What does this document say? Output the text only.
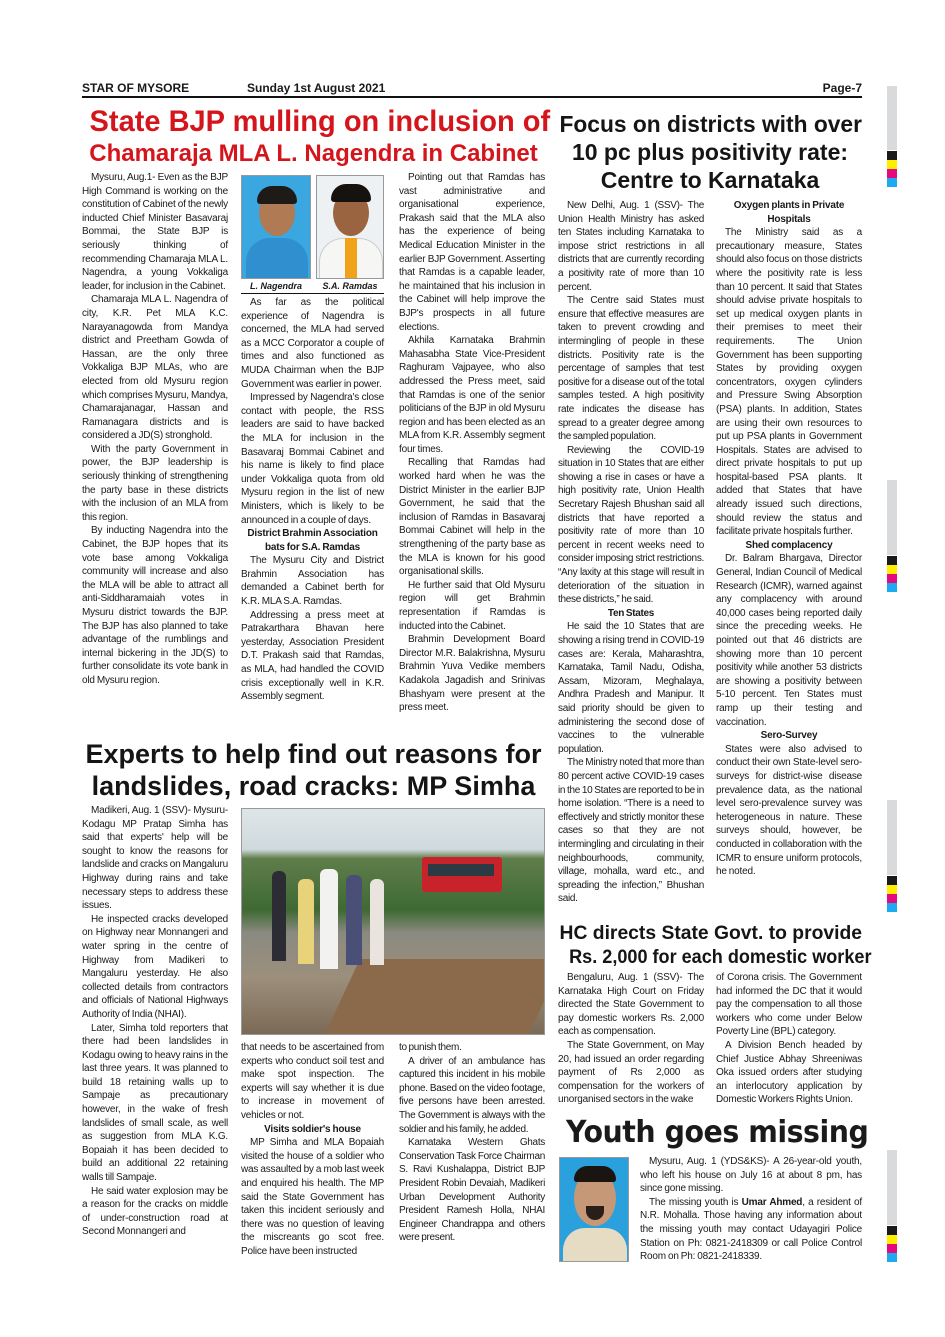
STAR OF MYSORE	Sunday 1st August 2021	Page-7
State BJP mulling on inclusion of
Chamaraja MLA L. Nagendra in Cabinet

Mysuru, Aug.1- Even as the BJP High Command is working on the constitution of Cabinet of the newly inducted Chief Minister Basavaraj Bommai, the State BJP is seriously thinking of recommending Chamaraja MLA L. Nagendra, a young Vokkaliga leader, for inclusion in the Cabinet.

Chamaraja MLA L. Nagendra of city, K.R. Pet MLA K.C. Narayanagowda from Mandya district and Preetham Gowda of Hassan, are the only three Vokkaliga BJP MLAs, who are elected from old Mysuru region which comprises Mysuru, Mandya, Chamarajanagar, Hassan and Ramanagara districts and is considered a JD(S) stronghold.

With the party Government in power, the BJP leadership is seriously thinking of strengthening the party base in these districts with the inclusion of an MLA from this region.

By inducting Nagendra into the Cabinet, the BJP hopes that its vote base among Vokkaliga community will increase and also the MLA will be able to attract all anti-Siddharamaiah votes in Mysuru district towards the BJP. The BJP has also planned to take advantage of the rumblings and internal bickering in the JD(S) to further consolidate its vote bank in old Mysuru region.

L. Nagendra	S.A. Ramdas

As far as the political experience of Nagendra is concerned, the MLA had served as a MCC Corporator a couple of times and also functioned as MUDA Chairman when the BJP Government was earlier in power.

Impressed by Nagendra's close contact with people, the RSS leaders are said to have backed the MLA for inclusion in the Basavaraj Bommai Cabinet and his name is likely to find place under Vokkaliga quota from old Mysuru region in the list of new Ministers, which is likely to be announced in a couple of days.

District Brahmin Association bats for S.A. Ramdas

The Mysuru City and District Brahmin Association has demanded a Cabinet berth for K.R. MLA S.A. Ramdas.

Addressing a press meet at Patrakarthara Bhavan here yesterday, Association President D.T. Prakash said that Ramdas, as MLA, had handled the COVID crisis exceptionally well in K.R. Assembly segment.

Pointing out that Ramdas has vast administrative and organisational experience, Prakash said that the MLA also has the experience of being Medical Education Minister in the earlier BJP Government. Asserting that Ramdas is a capable leader, he maintained that his inclusion in the Cabinet will help improve the BJP's prospects in all future elections.

Akhila Karnataka Brahmin Mahasabha State Vice-President Raghuram Vajpayee, who also addressed the Press meet, said that Ramdas is one of the senior politicians of the BJP in old Mysuru region and has been elected as an MLA from K.R. Assembly segment four times.

Recalling that Ramdas had worked hard when he was the District Minister in the earlier BJP Government, he said that the inclusion of Ramdas in Basavaraj Bommai Cabinet will help in the strengthening of the party base as the MLA is known for his good organisational skills.

He further said that Old Mysuru region will get Brahmin representation if Ramdas is inducted into the Cabinet.

Brahmin Development Board Director M.R. Balakrishna, Mysuru Brahmin Yuva Vedike members Kadakola Jagadish and Srinivas Bhashyam were present at the press meet.

Focus on districts with over
10 pc plus positivity rate:
Centre to Karnataka

New Delhi, Aug. 1 (SSV)- The Union Health Ministry has asked ten States including Karnataka to impose strict restrictions in all districts that are currently recording a positivity rate of more than 10 percent.

The Centre said States must ensure that effective measures are taken to prevent crowding and intermingling of people in these districts. Positivity rate is the percentage of samples that test positive for a disease out of the total samples tested. A high positivity rate indicates the disease has spread to a greater degree among the sampled population.

Reviewing the COVID-19 situation in 10 States that are either showing a rise in cases or have a high positivity rate, Union Health Secretary Rajesh Bhushan said all districts that have reported a positivity rate of more than 10 percent in recent weeks need to consider imposing strict restrictions. “Any laxity at this stage will result in deterioration of the situation in these districts,” he said.

Ten States

He said the 10 States that are showing a rising trend in COVID-19 cases are: Kerala, Maharashtra, Karnataka, Tamil Nadu, Odisha, Assam, Mizoram, Meghalaya, Andhra Pradesh and Manipur. It said priority should be given to administering the second dose of vaccines to the vulnerable population.

The Ministry noted that more than 80 percent active COVID-19 cases in the 10 States are reported to be in home isolation. “There is a need to effectively and strictly monitor these cases so that they are not intermingling and circulating in their neighbourhoods, community, village, mohalla, ward etc., and spreading the infection,” Bhushan said.

Oxygen plants in Private Hospitals

The Ministry said as a precautionary measure, States should also focus on those districts where the positivity rate is less than 10 percent. It said that States should advise private hospitals to set up medical oxygen plants in their premises to meet their requirements. The Union Government has been supporting States by providing oxygen concentrators, oxygen cylinders and Pressure Swing Absorption (PSA) plants. In addition, States are using their own resources to put up PSA plants in Government Hospitals. States are advised to direct private hospitals to put up hospital-based PSA plants. It added that States that have already issued such directions, should review the status and facilitate private hospitals further.

Shed complacency

Dr. Balram Bhargava, Director General, Indian Council of Medical Research (ICMR), warned against any complacency with around 40,000 cases being reported daily since the preceding weeks. He pointed out that 46 districts are showing more than 10 percent positivity while another 53 districts are showing a positivity between 5-10 percent. Ten States must ramp up their testing and vaccination.

Sero-Survey

States were also advised to conduct their own State-level sero-surveys for district-wise disease prevalence data, as the national level sero-prevalence survey was heterogeneous in nature. These surveys should, however, be conducted in collaboration with the ICMR to ensure uniform protocols, he noted.

Experts to help find out reasons for
landslides, road cracks: MP Simha

Madikeri, Aug. 1 (SSV)- Mysuru-Kodagu MP Pratap Simha has said that experts' help will be sought to know the reasons for landslide and cracks on Mangaluru Highway during rains and take necessary steps to address these issues.

He inspected cracks developed on Highway near Monnangeri and water spring in the centre of Highway from Madikeri to Mangaluru yesterday. He also collected details from contractors and officials of National Highways Authority of India (NHAI).

Later, Simha told reporters that there had been landslides in Kodagu owing to heavy rains in the last three years. It was planned to build 18 retaining walls up to Sampaje as precautionary however, in the wake of fresh landslides of small scale, as well as suggestion from MLA K.G. Bopaiah it has been decided to build an additional 22 retaining walls till Sampaje.

He said water explosion may be a reason for the cracks on middle of under-construction road at Second Monnangeri and

that needs to be ascertained from experts who conduct soil test and make spot inspection. The experts will say whether it is due to increase in movement of vehicles or not.

Visits soldier's house

MP Simha and MLA Bopaiah visited the house of a soldier who was assaulted by a mob last week and enquired his health. The MP said the State Government has taken this incident seriously and there was no question of leaving the miscreants go scot free. Police have been instructed

to punish them.

A driver of an ambulance has captured this incident in his mobile phone. Based on the video footage, five persons have been arrested. The Government is always with the soldier and his family, he added.

Karnataka Western Ghats Conservation Task Force Chairman S. Ravi Kushalappa, District BJP President Robin Devaiah, Madikeri Urban Development Authority President Ramesh Holla, NHAI Engineer Chandrappa and others were present.

HC directs State Govt. to provide
Rs. 2,000 for each domestic worker

Bengaluru, Aug. 1 (SSV)- The Karnataka High Court on Friday directed the State Government to pay domestic workers Rs. 2,000 each as compensation.

The State Government, on May 20, had issued an order regarding payment of Rs 2,000 as compensation for the workers of unorganised sectors in the wake

of Corona crisis. The Government had informed the DC that it would pay the compensation to all those workers who come under Below Poverty Line (BPL) category.

A Division Bench headed by Chief Justice Abhay Shreeniwas Oka issued orders after studying an interlocutory application by Domestic Workers Rights Union.

Youth goes missing

Mysuru, Aug. 1 (YDS&KS)- A 26-year-old youth, who left his house on July 16 at about 8 pm, has since gone missing.

The missing youth is Umar Ahmed, a resident of N.R. Mohalla. Those having any information about the missing youth may contact Udayagiri Police Station on Ph: 0821-2418309 or call Police Control Room on Ph: 0821-2418339.
